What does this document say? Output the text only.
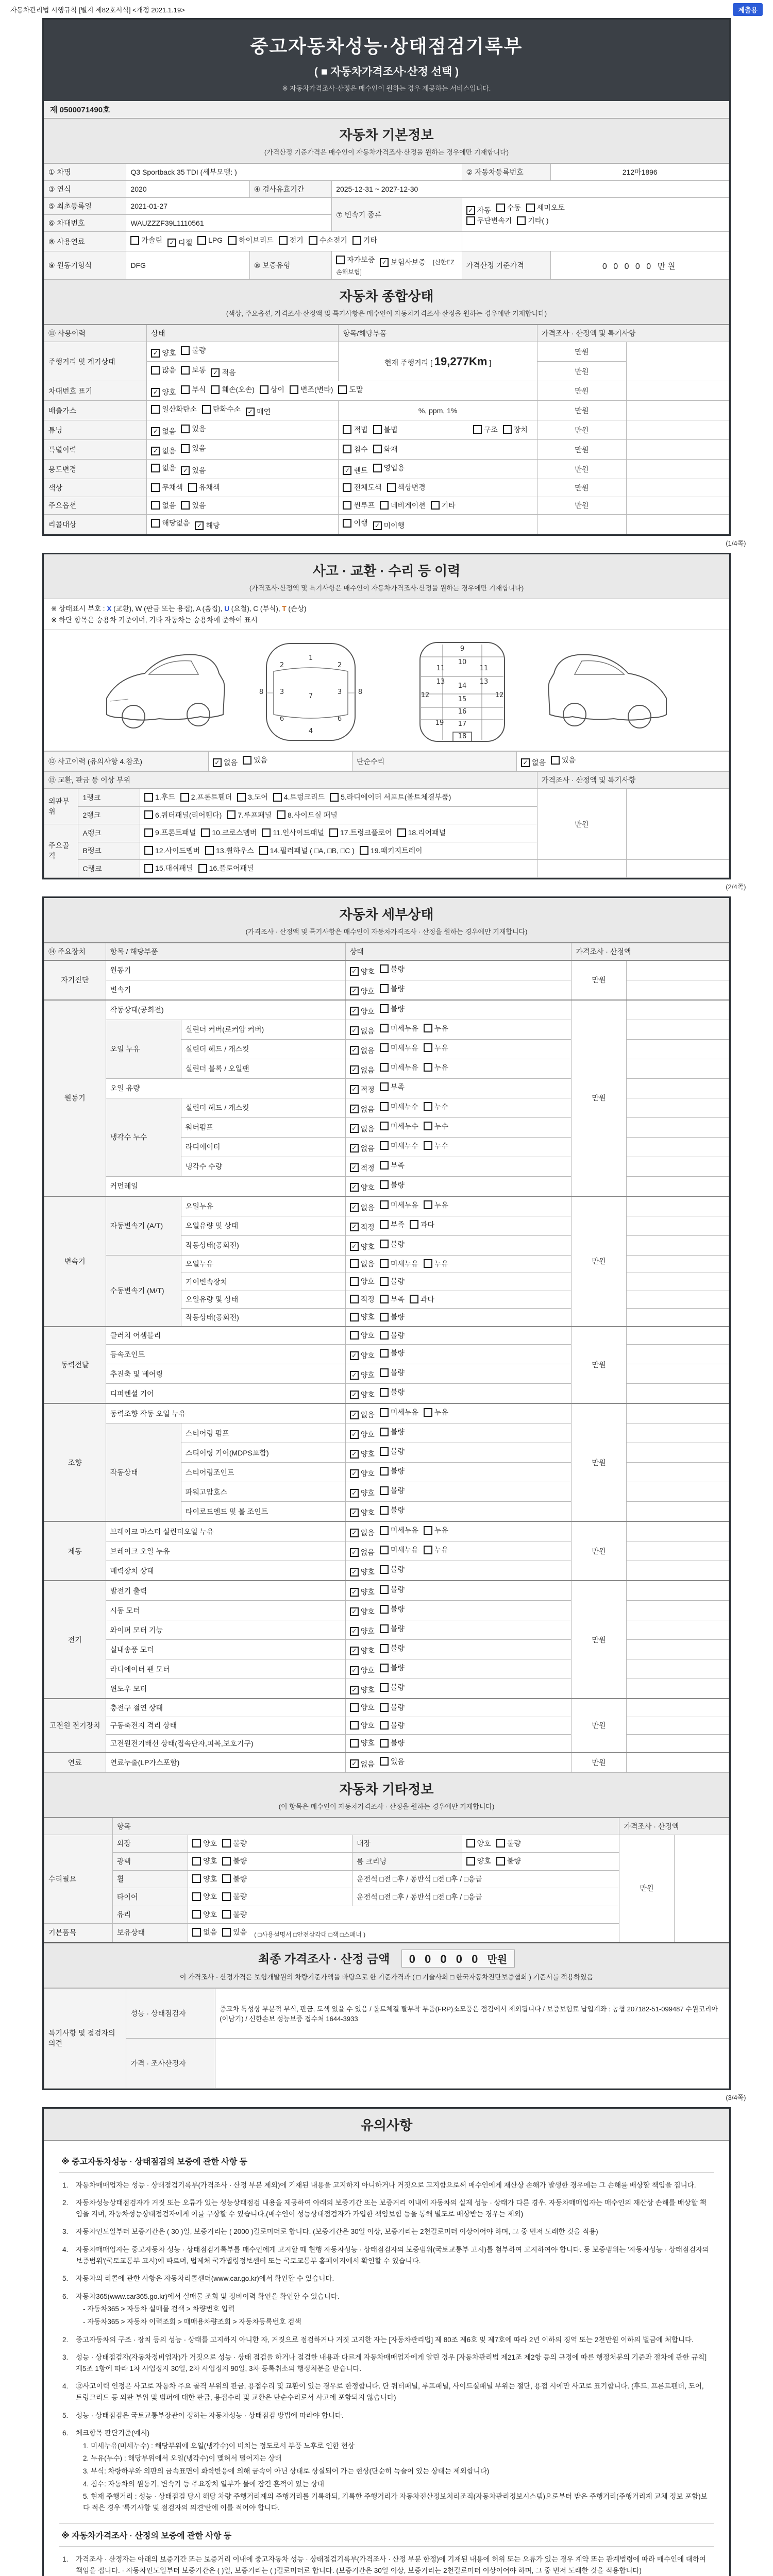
자동차관리법 시행규칙 [별지 제82호서식] <개정 2021.1.19>	제출용
중고자동차성능·상태점검기록부
( ■ 자동차가격조사·산정 선택 )
※ 자동차가격조사·산정은 매수인이 원하는 경우 제공하는 서비스입니다.
제 0500071490호
자동차 기본정보
(가격산정 기준가격은 매수인이 자동차가격조사·산정을 원하는 경우에만 기재합니다)
① 차명	Q3 Sportback 35 TDI (세부모델: )			② 자동차등록번호	212마1896
③ 연식	2020	④ 검사유효기간	2025-12-31 ~ 2027-12-30		
⑤ 최초등록일	2021-01-27	⑦ 변속기 종류	
✓ 자동 수동 세미오토

무단변속기 기타( )

⑥ 차대번호	WAUZZZF39L1110561				
⑧ 사용연료	가솔린 ✓ 디젤 LPG 하이브리드 전기 수소전기 기타

⑨ 원동기형식	DFG	⑩ 보증유형	자가보증 ✓ 보험사보증 [신한EZ손해보험]	가격산정 기준가격	0 0 0 0 0 만원
자동차 종합상태
(색상, 주요옵션, 가격조사·산정액 및 특기사항은 매수인이 자동차가격조사·산정을 원하는 경우에만 기재합니다)
⑪ 사용이력	상태	항목/해당부품	가격조사 · 산정액 및 특기사항	
주행거리 및 계기상태	✓ 양호 불량	현재 주행거리 [ 19,277Km ]	만원	

	많음 보통 ✓ 적음		만원	
차대번호 표기	✓ 양호 부식 훼손(오손) 상이 변조(변타) 도말	만원	
배출가스	일산화탄소 탄화수소 ✓ 매연	%, ppm, 1%	만원	
튜닝	✓ 없음 있음	적법 불법 구조 장치	만원	
특별이력	✓ 없음 있음	침수 화재	만원	
용도변경	없음 ✓ 있음	✓ 렌트 영업용	만원	
색상	무채색 유채색	전체도색 색상변경	만원	
주요옵션	없음 있음	썬루프 네비게이션 기타	만원	
리콜대상	해당없음 ✓ 해당	이행 ✓ 미이행		

(1/4쪽)
사고 · 교환 · 수리 등 이력
(가격조사·산정액 및 특기사항은 매수인이 자동차가격조사·산정을 원하는 경우에만 기재합니다)
※ 상태표시 부호 : X (교환), W (판금 또는 용접), A (흠집), U (요철), C (부식), T (손상)
※ 하단 항목은 승용차 기준이며, 기타 자동차는 승용차에 준하여 표시
1
2	2
3	3
7
6	6
8	8
4
9
10
11	11
13	13
14
12	12
15
16
19 17
18
⑫ 사고이력 (유의사항 4.참조)	✓ 없음 있음	단순수리	✓ 없음 있음
⑬ 교환, 판금 등 이상 부위			가격조사 · 산정액 및 특기사항	
외판부위	1랭크	1.후드 2.프론트휀더 3.도어 4.트렁크리드 5.라디에이터 서포트(볼트체결부품)	만원	
	2랭크	6.쿼터패널(리어휀다) 7.루프패널 8.사이드실 패널		

주요골격	A랭크	9.프론트패널 10.크로스멤버 11.인사이드패널 17.트렁크플로어 18.리어패널		

	B랭크	12.사이드멤버 13.휠하우스 14.필러패널 ( □A, □B, □C ) 19.패키지트레이		

	C랭크	15.대쉬패널 16.플로어패널		

(2/4쪽)
자동차 세부상태
(가격조사 · 산정액 및 특기사항은 매수인이 자동차가격조사 · 산정을 원하는 경우에만 기재합니다)
⑭ 주요장치	항목 / 해당부품		상태	가격조사 · 산정액	
자기진단	원동기		✓ 양호 불량	만원	
	변속기		✓ 양호 불량		

원동기	작동상태(공회전)		✓ 양호 불량	만원	
	오일 누유	실린더 커버(로커암 커버)	✓ 없음 미세누유 누유		

		실린더 헤드 / 개스킷	✓ 없음 미세누유 누유		

		실린더 블록 / 오일팬	✓ 없음 미세누유 누유		

	오일 유량		✓ 적정 부족		

	냉각수 누수	실린더 헤드 / 개스킷	✓ 없음 미세누수 누수		

		워터펌프	✓ 없음 미세누수 누수		

		라디에이터	✓ 없음 미세누수 누수		

		냉각수 수량	✓ 적정 부족		

	커먼레일		✓ 양호 불량		

변속기	자동변속기 (A/T)	오일누유	✓ 없음 미세누유 누유	만원	
		오일유량 및 상태	✓ 적정 부족 과다		

		작동상태(공회전)	✓ 양호 불량		

	수동변속기 (M/T)	오일누유	없음 미세누유 누유		

		기어변속장치	양호 불량		

		오일유량 및 상태	적정 부족 과다		

		작동상태(공회전)	양호 불량		

동력전달	클러치 어셈블리		양호 불량	만원	
	등속조인트		✓ 양호 불량		

	추진축 및 베어링		✓ 양호 불량		

	디퍼렌셜 기어		✓ 양호 불량		

조향	동력조향 작동 오일 누유		✓ 없음 미세누유 누유	만원	
	작동상태	스티어링 펌프	✓ 양호 불량		

		스티어링 기어(MDPS포함)	✓ 양호 불량		

		스티어링조인트	✓ 양호 불량		

		파워고압호스	✓ 양호 불량		

		타이로드엔드 및 볼 조인트	✓ 양호 불량		

제동	브레이크 마스터 실린더오일 누유		✓ 없음 미세누유 누유	만원	
	브레이크 오일 누유		✓ 없음 미세누유 누유		

	배력장치 상태		✓ 양호 불량		

전기	발전기 출력		✓ 양호 불량	만원	
	시동 모터		✓ 양호 불량		

	와이퍼 모터 기능		✓ 양호 불량		

	실내송풍 모터		✓ 양호 불량		

	라디에이터 팬 모터		✓ 양호 불량		

	윈도우 모터		✓ 양호 불량		

고전원 전기장치	충전구 절연 상태		양호 불량	만원	
	구동축전지 격리 상태		양호 불량		

	고전원전기배선 상태(접속단자,피복,보호기구)		양호 불량		

연료	연료누출(LP가스포함)		✓ 없음 있음	만원	
자동차 기타정보
(이 항목은 매수인이 자동차가격조사 · 산정을 원하는 경우에만 기재합니다)
	항목				가격조사 · 산정액	
수리필요	외장	양호 불량	내장	양호 불량	만원	
	광택	양호 불량	룸 크리닝	양호 불량		

	휠	양호 불량	운전석 □전 □후 / 동반석 □전 □후 / □응급			
	타이어	양호 불량	운전석 □전 □후 / 동반석 □전 □후 / □응급			
	유리	양호 불량				

기본품목	보유상태	없음 있음 ( □사용설명서 □안전삼각대 □잭 □스패너 )				
최종 가격조사 · 산정 금액 0 0 0 0 0 만원
이 가격조사 · 산정가격은 보험개발원의 차량기준가액을 바탕으로 한 기준가격과 ( □ 기술사회 □ 한국자동차진단보증협회 ) 기준서를 적용하였음
특기사항 및 점검자의 의견	성능 · 상태점검자	중고차 특성상 부분적 부식, 판금, 도색 있을 수 있음 / 볼트체결 탈부착 부품(FRP)소모품은 점검에서 제외됩니다 / 보증보험료 납입계좌 : 농협 207182-51-099487 수원코리아(이남기) / 신한손보 성능보증 접수처 1644-3933
	가격 · 조사산정자	
(3/4쪽)
유의사항
※ 중고자동차성능 · 상태점검의 보증에 관한 사항 등
1.	자동차매매업자는 성능 · 상태점검기록부(가격조사 · 산정 부분 제외)에 기재된 내용을 고지하지 아니하거나 거짓으로 고지함으로써 매수인에게 재산상 손해가 발생한 경우에는 그 손해를 배상할 책임을 집니다.
2.	자동차성능상태점검자가 거짓 또는 오류가 있는 성능상태점검 내용을 제공하여 아래의 보증기간 또는 보증거리 이내에 자동차의 실제 성능 · 상태가 다른 경우, 자동차매매업자는 매수인의 재산상 손해를 배상할 책임을 지며, 자동차성능상태점검자에게 이를 구상할 수 있습니다.(매수인이 성능상태점검자가 가입한 책임보험 등을 통해 별도로 배상받는 경우는 제외)
3.	자동차인도일부터 보증기간은 ( 30 )일, 보증거리는 ( 2000 )킬로미터로 합니다. (보증기간은 30일 이상, 보증거리는 2천킬로미터 이상이어야 하며, 그 중 먼저 도래한 것을 적용)
4.	자동차매매업자는 중고자동차 성능 · 상태점검기록부를 매수인에게 고지할 때 현행 자동차성능 · 상태점검자의 보증범위(국토교통부 고시)를 첨부하여 고지하여야 합니다. 동 보증범위는 '자동차성능 · 상태점검자의 보증범위'(국토교통부 고시)에 따르며, 법제처 국가법령정보센터 또는 국토교통부 홈페이지에서 확인할 수 있습니다.
5.	자동차의 리콜에 관한 사항은 자동차리콜센터(www.car.go.kr)에서 확인할 수 있습니다.
6.	자동차365(www.car365.go.kr)에서 실매물 조회 및 정비이력 확인을 확인할 수 있습니다.
- 자동차365 > 자동차 실매물 검색 > 차량번호 입력
- 자동차365 > 자동차 이력조회 > 매매용차량조회 > 자동차등록번호 검색
2.	중고자동차의 구조 · 장치 등의 성능 · 상태를 고지하지 아니한 자, 거짓으로 점검하거나 거짓 고지한 자는 [자동차관리법] 제 80조 제6호 및 제7호에 따라 2년 이하의 징역 또는 2천만원 이하의 벌금에 처합니다.
3.	성능 · 상태점검자(자동차정비업자)가 거짓으로 성능 · 상태 점검을 하거나 점검한 내용과 다르게 자동차매매업자에게 알린 경우 [자동차관리법 제21조 제2항 등의 규정에 따른 행정처분의 기준과 절차에 관한 규칙] 제5조 1항에 따라 1차 사업정지 30일, 2차 사업정지 90일, 3차 등록취소의 행정처분을 받습니다.
4.	⑫사고이력 인정은 사고로 자동차 주요 골격 부위의 판금, 용접수리 및 교환이 있는 경우로 한정합니다. 단 쿼터패널, 루프패널, 사이드실패널 부위는 절단, 용접 시에만 사고로 표기합니다. (후드, 프론트펜더, 도어, 트렁크리드 등 외판 부위 및 범퍼에 대한 판금, 용접수리 및 교환은 단순수리로서 사고에 포함되지 않습니다)
5.	성능 · 상태점검은 국토교통부장관이 정하는 자동차성능 · 상태점검 방법에 따라야 합니다.
6.	체크항목 판단기준(예시)
1. 미세누유(미세누수) : 해당부위에 오일(냉각수)이 비치는 정도로서 부품 노후로 인한 현상
2. 누유(누수) : 해당부위에서 오일(냉각수)이 맺혀서 떨어지는 상태
3. 부식: 차량하부와 외판의 금속표면이 화학반응에 의해 금속이 아닌 상태로 상실되어 가는 현상(단순히 녹슬어 있는 상태는 제외합니다)
4. 침수: 자동차의 원동기, 변속기 등 주요장치 일부가 물에 잠긴 흔적이 있는 상태
5. 현재 주행거리 : 성능 · 상태점검 당시 해당 차량 주행거리계의 주행거리를 기록하되, 기록한 주행거리가 자동차전산정보처리조직(자동차관리정보시스템)으로부터 받은 주행거리(주행거리계 교체 정보 포함)보다 적은 경우 '특기사항 및 점검자의 의견'란에 이를 적어야 합니다.
※ 자동차가격조사 · 산정의 보증에 관한 사항 등
1.	가격조사 · 산정자는 아래의 보증기간 또는 보증거리 이내에 중고자동차 성능 · 상태점검기록부(가격조사 · 산정 부분 한정)에 기재된 내용에 허위 또는 오류가 있는 경우 계약 또는 관계법령에 따라 매수인에 대하여 책임을 집니다. · 자동차인도일부터 보증기간은 ( )일, 보증거리는 ( )킬로미터로 합니다. (보증기간은 30일 이상, 보증거리는 2천킬로미터 이상이어야 하며, 그 중 먼저 도래한 것을 적용합니다)
